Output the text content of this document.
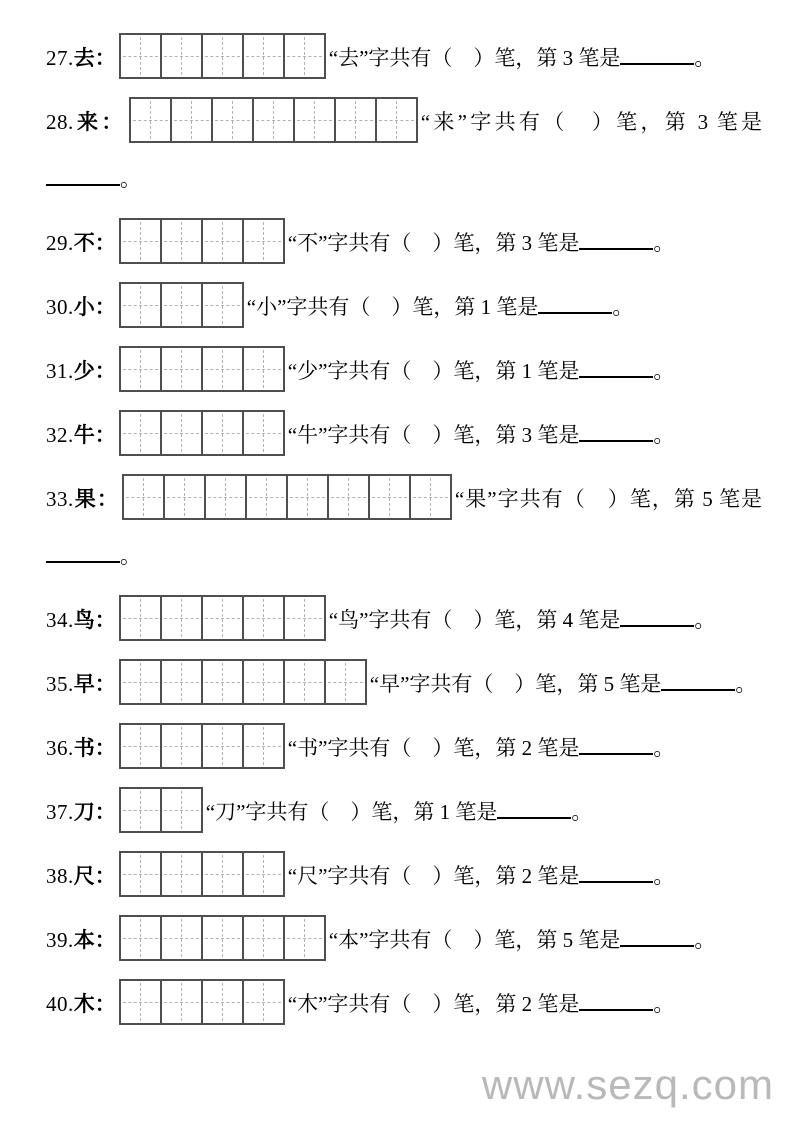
27.去：	“去”字共有（　）笔，第 3 笔是	。
28.来：	“来”字共有（　）笔，第 3 笔是。
29.不：	“不”字共有（　）笔，第 3 笔是	。
30.小：	“小”字共有（　）笔，第 1 笔是	。
31.少：	“少”字共有（　）笔，第 1 笔是	。
32.牛：	“牛”字共有（　）笔，第 3 笔是	。
33.果：	“果”字共有（　）笔，第 5 笔是。
34.鸟：	“鸟”字共有（　）笔，第 4 笔是	。
35.早：	“早”字共有（　）笔，第 5 笔是	。
36.书：	“书”字共有（　）笔，第 2 笔是	。
37.刀：	“刀”字共有（　）笔，第 1 笔是	。
38.尺：	“尺”字共有（　）笔，第 2 笔是	。
39.本：	“本”字共有（　）笔，第 5 笔是	。
40.木：	“木”字共有（　）笔，第 2 笔是	。
www.sezq.com
